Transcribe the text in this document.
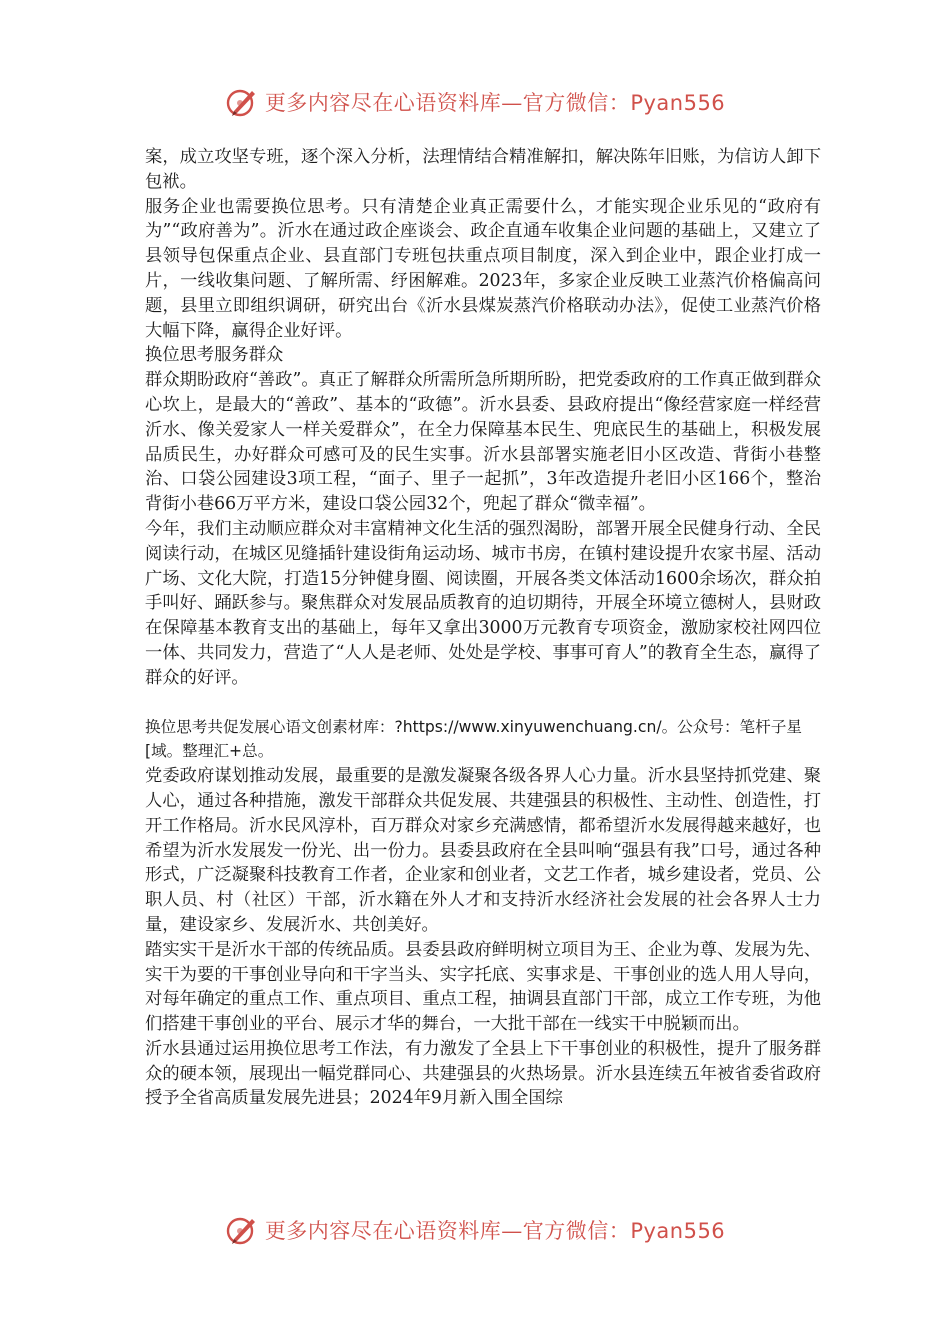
更多内容尽在心语资料库—官方微信：Pyan556

案，成立攻坚专班，逐个深入分析，法理情结合精准解扣，解决陈年旧账，为信访人卸下包袱。

服务企业也需要换位思考。只有清楚企业真正需要什么，才能实现企业乐见的“政府有为”“政府善为”。沂水在通过政企座谈会、政企直通车收集企业问题的基础上，又建立了县领导包保重点企业、县直部门专班包扶重点项目制度，深入到企业中，跟企业打成一片，一线收集问题、了解所需、纾困解难。2023年，多家企业反映工业蒸汽价格偏高问题，县里立即组织调研，研究出台《沂水县煤炭蒸汽价格联动办法》，促使工业蒸汽价格大幅下降，赢得企业好评。

换位思考服务群众

群众期盼政府“善政”。真正了解群众所需所急所期所盼，把党委政府的工作真正做到群众心坎上，是最大的“善政”、基本的“政德”。沂水县委、县政府提出“像经营家庭一样经营沂水、像关爱家人一样关爱群众”，在全力保障基本民生、兜底民生的基础上，积极发展品质民生，办好群众可感可及的民生实事。沂水县部署实施老旧小区改造、背街小巷整治、口袋公园建设3项工程，“面子、里子一起抓”，3年改造提升老旧小区166个，整治背街小巷66万平方米，建设口袋公园32个，兜起了群众“微幸福”。

今年，我们主动顺应群众对丰富精神文化生活的强烈渴盼，部署开展全民健身行动、全民阅读行动，在城区见缝插针建设街角运动场、城市书房，在镇村建设提升农家书屋、活动广场、文化大院，打造15分钟健身圈、阅读圈，开展各类文体活动1600余场次，群众拍手叫好、踊跃参与。聚焦群众对发展品质教育的迫切期待，开展全环境立德树人，县财政在保障基本教育支出的基础上，每年又拿出3000万元教育专项资金，激励家校社网四位一体、共同发力，营造了“人人是老师、处处是学校、事事可育人”的教育全生态，赢得了群众的好评。

换位思考共促发展心语文创素材库：?https://www.xinyuwenchuang.cn/。公众号：笔杆子星[域。整理汇+总。

党委政府谋划推动发展，最重要的是激发凝聚各级各界人心力量。沂水县坚持抓党建、聚人心，通过各种措施，激发干部群众共促发展、共建强县的积极性、主动性、创造性，打开工作格局。沂水民风淳朴，百万群众对家乡充满感情，都希望沂水发展得越来越好，也希望为沂水发展发一份光、出一份力。县委县政府在全县叫响“强县有我”口号，通过各种形式，广泛凝聚科技教育工作者，企业家和创业者，文艺工作者，城乡建设者，党员、公职人员、村（社区）干部，沂水籍在外人才和支持沂水经济社会发展的社会各界人士力量，建设家乡、发展沂水、共创美好。

踏实实干是沂水干部的传统品质。县委县政府鲜明树立项目为王、企业为尊、发展为先、实干为要的干事创业导向和干字当头、实字托底、实事求是、干事创业的选人用人导向，对每年确定的重点工作、重点项目、重点工程，抽调县直部门干部，成立工作专班，为他们搭建干事创业的平台、展示才华的舞台，一大批干部在一线实干中脱颖而出。

沂水县通过运用换位思考工作法，有力激发了全县上下干事创业的积极性，提升了服务群众的硬本领，展现出一幅党群同心、共建强县的火热场景。沂水县连续五年被省委省政府授予全省高质量发展先进县；2024年9月新入围全国综

更多内容尽在心语资料库—官方微信：Pyan556
